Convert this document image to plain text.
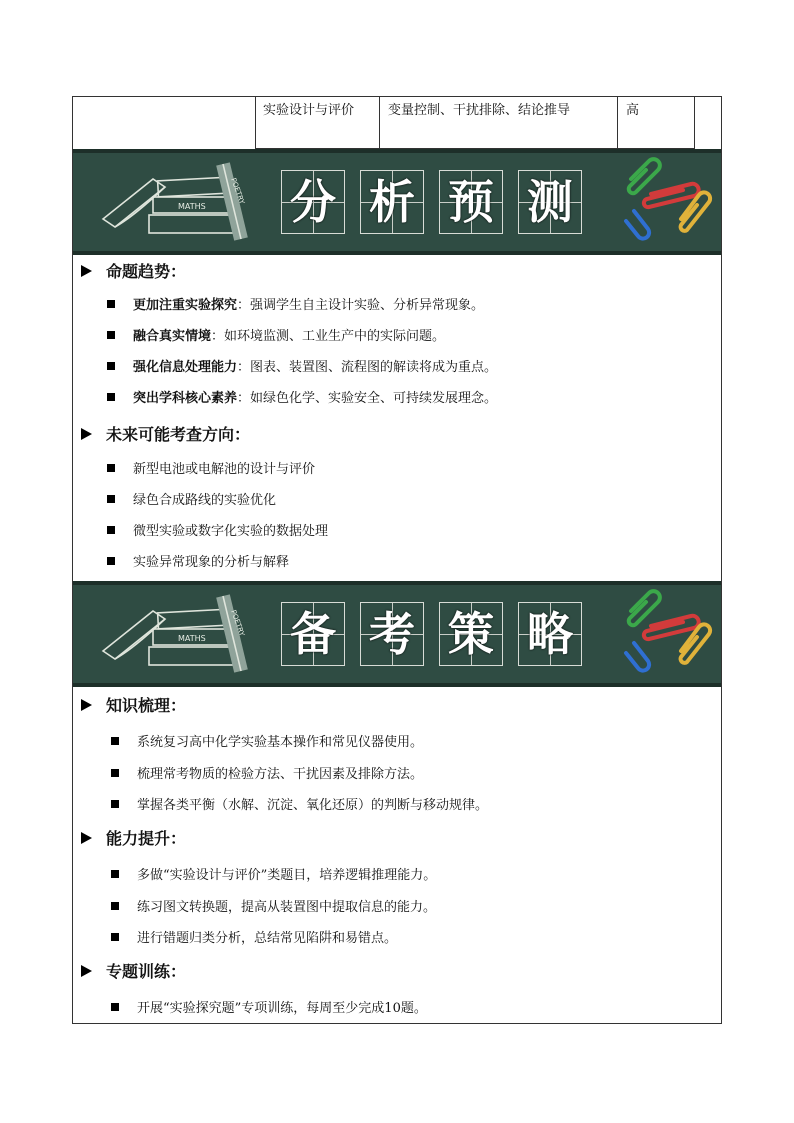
实验设计与评价	变量控制、干扰排除、结论推导	高
MATHS
POETRY 分 析 预 测
命题趋势：
更加注重实验探究 ：强调学生自主设计实验、分析异常现象。
融合真实情境 ：如环境监测、工业生产中的实际问题。
强化信息处理能力 ：图表、装置图、流程图的解读将成为重点。
突出学科核心素养 ：如绿色化学、实验安全、可持续发展理念。
未来可能考查方向：
新型电池或电解池的设计与评价
绿色合成路线的实验优化
微型实验或数字化实验的数据处理
实验异常现象的分析与解释
MATHS
POETRY 备 考 策 略
知识梳理：
系统复习高中化学实验基本操作和常见仪器使用。
梳理常考物质的检验方法、干扰因素及排除方法。
掌握各类平衡（水解、沉淀、氧化还原）的判断与移动规律。
能力提升：
多做“实验设计与评价”类题目，培养逻辑推理能力。
练习图文转换题，提高从装置图中提取信息的能力。
进行错题归类分析，总结常见陷阱和易错点。
专题训练：
开展“实验探究题”专项训练，每周至少完成10题。
